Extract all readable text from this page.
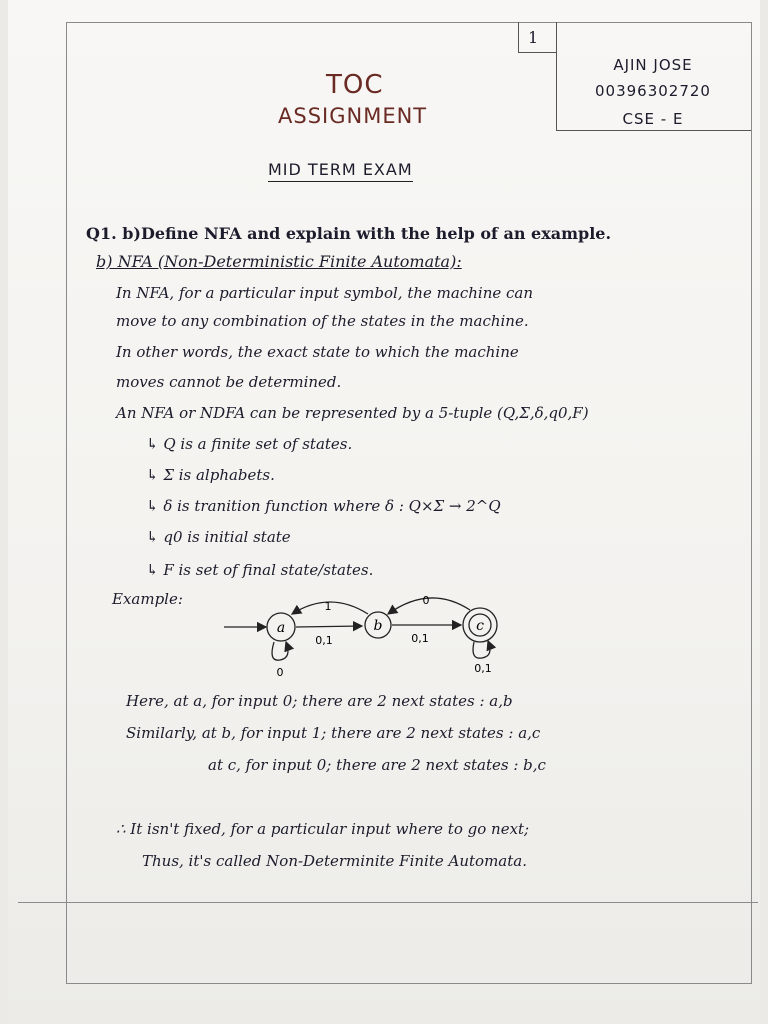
1
AJIN JOSE
00396302720
CSE - E
TOC
ASSIGNMENT
MID TERM EXAM
Q1. b)Define NFA and explain with the help of an example.
b) NFA (Non-Deterministic Finite Automata):
In NFA, for a particular input symbol, the machine can
move to any combination of the states in the machine.
In other words, the exact state to which the machine
moves cannot be determined.
An NFA or NDFA can be represented by a 5-tuple (Q,Σ,δ,q0,F)
↳ Q is a finite set of states.
↳ Σ is alphabets.
↳ δ is tranition function where δ : Q×Σ → 2^Q
↳ q0 is initial state
↳ F is set of final state/states.
Example:
a	b	c
0,1
1
0,1
0
0	0,1
Here, at a, for input 0; there are 2 next states : a,b
Similarly, at b, for input 1; there are 2 next states : a,c
at c, for input 0; there are 2 next states : b,c
∴ It isn't fixed, for a particular input where to go next;
Thus, it's called Non-Determinite Finite Automata.
